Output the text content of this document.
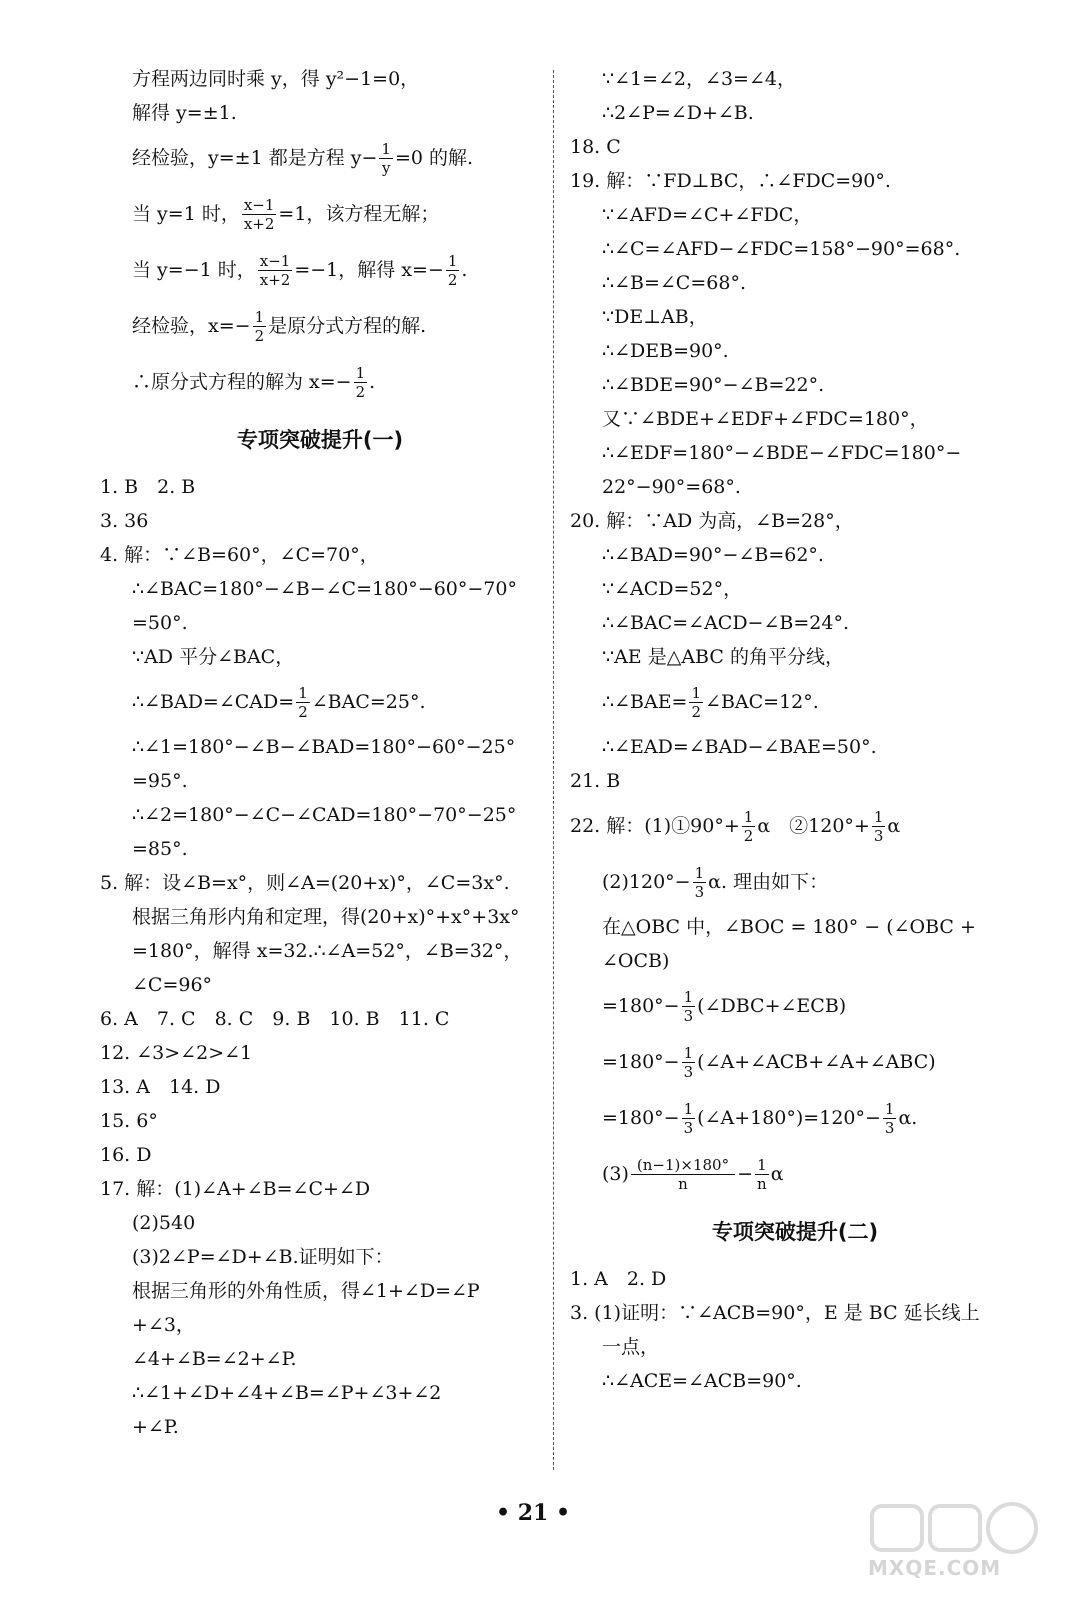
方程两边同时乘 y，得 y²−1=0，
解得 y=±1.
经检验，y=±1 都是方程 $y- \frac{1}{y} =0$ 的解.
当 y=1 时， $\frac{x-1}{x+2} =1$，该方程无解；
当 y=−1 时， $\frac{x-1}{x+2} =-1$，解得 $x=- \frac{1}{2}$ .
经检验，$x=- \frac{1}{2}$ 是原分式方程的解.
∴原分式方程的解为 $x=- \frac{1}{2}$ .
专项突破提升(一)
1. B　2. B
3. 36
4. 解：∵∠B=60°，∠C=70°，
∴∠BAC=180°−∠B−∠C=180°−60°−70°
=50°.
∵AD 平分∠BAC，
∴∠BAD=∠CAD= $\frac{1}{2}$ ∠BAC=25°.
∴∠1=180°−∠B−∠BAD=180°−60°−25°
=95°.
∴∠2=180°−∠C−∠CAD=180°−70°−25°
=85°.
5. 解：设∠B=x°，则∠A=(20+x)°，∠C=3x°.
根据三角形内角和定理，得(20+x)°+x°+3x°
=180°，解得 x=32.∴∠A=52°，∠B=32°，
∠C=96°
6. A　7. C　8. C　9. B　10. B　11. C
12. ∠3>∠2>∠1
13. A　14. D
15. 6°
16. D
17. 解：(1)∠A+∠B=∠C+∠D
(2)540
(3)2∠P=∠D+∠B.证明如下：
根据三角形的外角性质，得∠1+∠D=∠P
+∠3，
∠4+∠B=∠2+∠P.
∴∠1+∠D+∠4+∠B=∠P+∠3+∠2
+∠P.
∵∠1=∠2，∠3=∠4，
∴2∠P=∠D+∠B.
18. C
19. 解：∵FD⊥BC，∴∠FDC=90°.
∵∠AFD=∠C+∠FDC，
∴∠C=∠AFD−∠FDC=158°−90°=68°.
∴∠B=∠C=68°.
∵DE⊥AB，
∴∠DEB=90°.
∴∠BDE=90°−∠B=22°.
又∵∠BDE+∠EDF+∠FDC=180°，
∴∠EDF=180°−∠BDE−∠FDC=180°−
22°−90°=68°.
20. 解：∵AD 为高，∠B=28°，
∴∠BAD=90°−∠B=62°.
∵∠ACD=52°，
∴∠BAC=∠ACD−∠B=24°.
∵AE 是△ABC 的角平分线，
∴∠BAE= $\frac{1}{2}$ ∠BAC=12°.
∴∠EAD=∠BAD−∠BAE=50°.
21. B
22. 解：(1)①90°+ $\frac{1}{2}$ α　②120°+ $\frac{1}{3}$ α
$(2)120^\circ- \frac{1}{3} \alpha$. 理由如下：
在△OBC 中，∠BOC = 180° − (∠OBC +
∠OCB)
$=180^\circ- \frac{1}{3}$ (∠DBC+∠ECB)
$=180^\circ- \frac{1}{3}$ (∠A+∠ACB+∠A+∠ABC)
$=180^\circ- \frac{1}{3}$ (∠A+180°)=120°− $\frac{1}{3} \alpha$.
$(3) \frac{(n-1)\times 180^\circ}{n} - \frac{1}{n}$ α
专项突破提升(二)
1. A　2. D
3. (1)证明：∵∠ACB=90°，E 是 BC 延长线上
一点，
∴∠ACE=∠ACB=90°.
• 21 •
MXQE.COM
